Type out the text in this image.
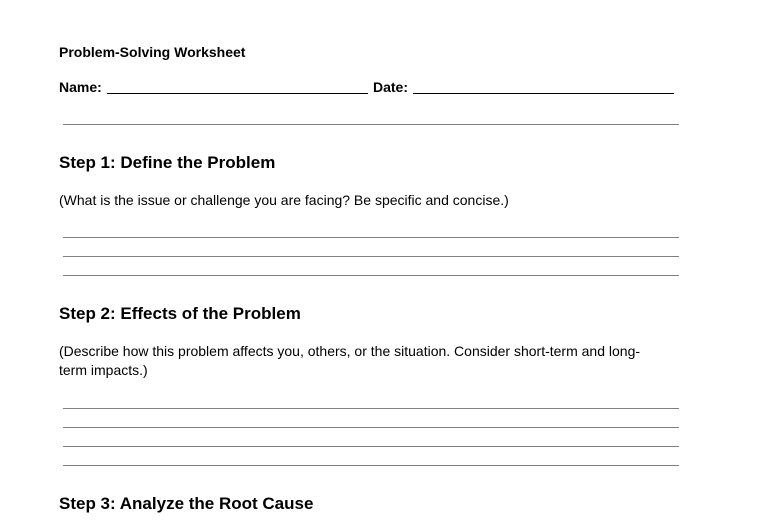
Problem-Solving Worksheet
Name:	Date:
Step 1: Define the Problem
(What is the issue or challenge you are facing? Be specific and concise.)
Step 2: Effects of the Problem
(Describe how this problem affects you, others, or the situation. Consider short-term and long-term impacts.)
Step 3: Analyze the Root Cause
